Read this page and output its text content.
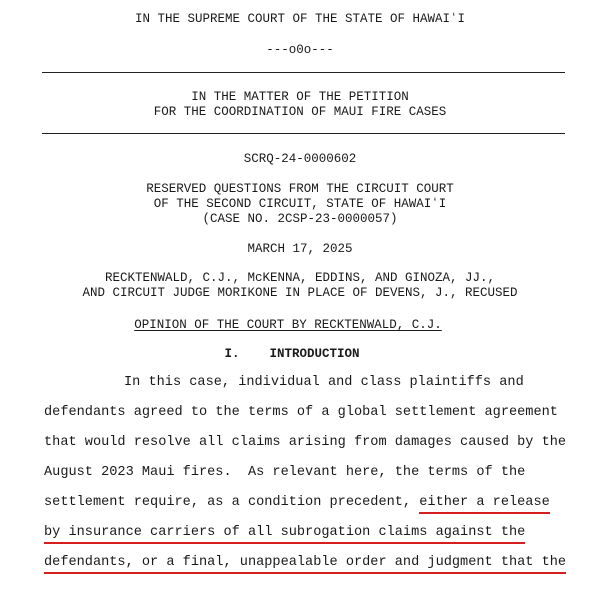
IN THE SUPREME COURT OF THE STATE OF HAWAIʻI
---o0o---
IN THE MATTER OF THE PETITION
FOR THE COORDINATION OF MAUI FIRE CASES
SCRQ-24-0000602
RESERVED QUESTIONS FROM THE CIRCUIT COURT
OF THE SECOND CIRCUIT, STATE OF HAWAIʻI
(CASE NO. 2CSP-23-0000057)
MARCH 17, 2025
RECKTENWALD, C.J., McKENNA, EDDINS, AND GINOZA, JJ.,
AND CIRCUIT JUDGE MORIKONE IN PLACE OF DEVENS, J., RECUSED
OPINION OF THE COURT BY RECKTENWALD, C.J.
I. INTRODUCTION
In this case, individual and class plaintiffs and
defendants agreed to the terms of a global settlement agreement
that would resolve all claims arising from damages caused by the
August 2023 Maui fires.  As relevant here, the terms of the
settlement require, as a condition precedent, either a release
by insurance carriers of all subrogation claims against the
defendants, or a final, unappealable order and judgment that the
